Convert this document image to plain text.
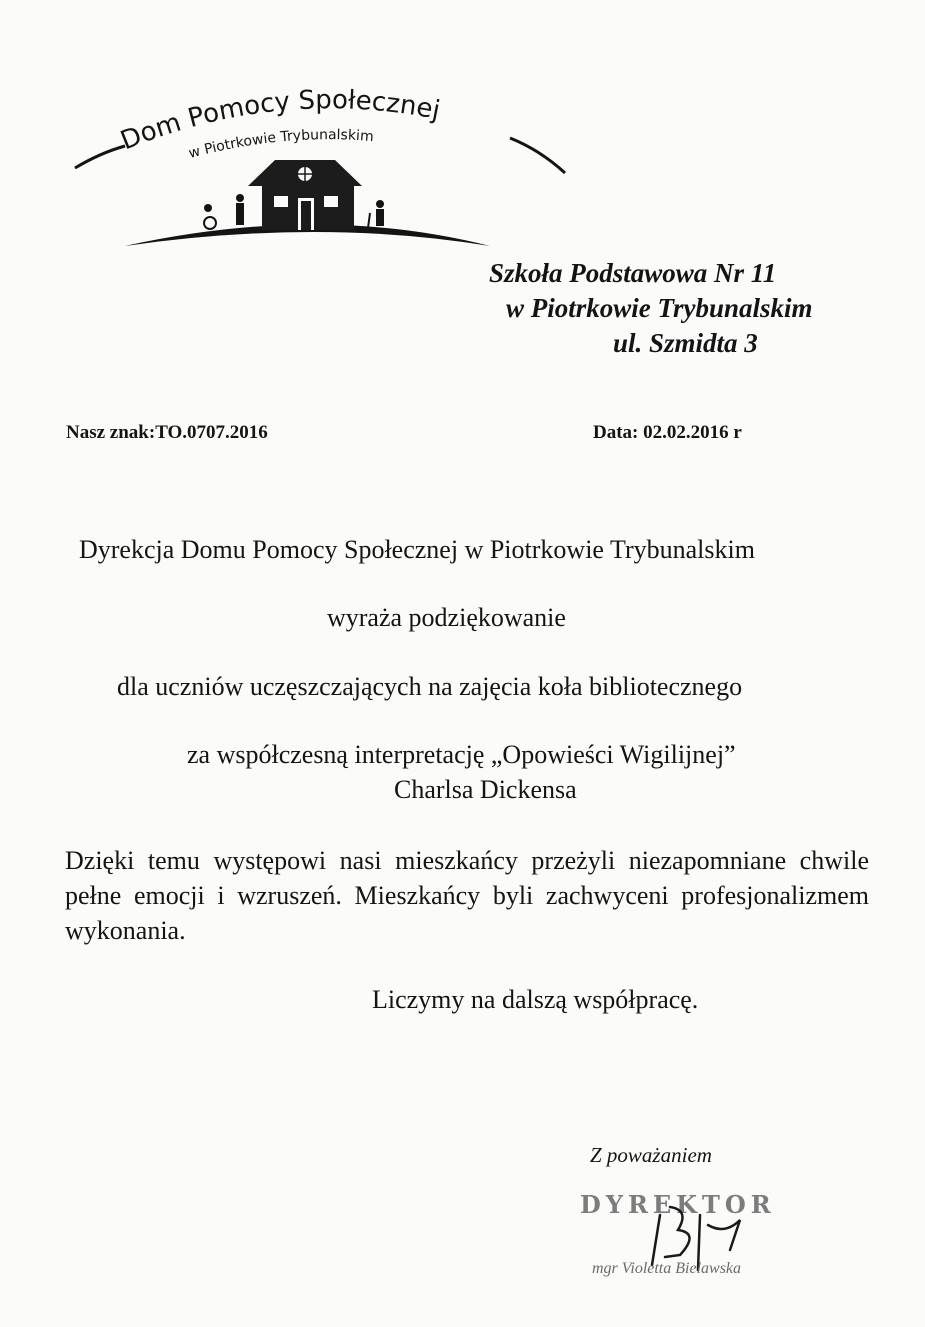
Dom Pomocy Społecznej
w Piotrkowie Trybunalskim
Szkoła Podstawowa Nr 11
w Piotrkowie Trybunalskim
ul. Szmidta 3
Nasz znak:TO.0707.2016	Data: 02.02.2016 r
Dyrekcja Domu Pomocy Społecznej w Piotrkowie Trybunalskim
wyraża podziękowanie
dla uczniów uczęszczających na zajęcia koła bibliotecznego
za współczesną interpretację „Opowieści Wigilijnej”
Charlsa Dickensa
Dzięki temu występowi nasi mieszkańcy przeżyli niezapomniane chwile pełne emocji i wzruszeń. Mieszkańcy byli zachwyceni profesjonalizmem wykonania.
Liczymy na dalszą współpracę.
Z poważaniem
DYREKTOR
mgr Violetta Bielawska
